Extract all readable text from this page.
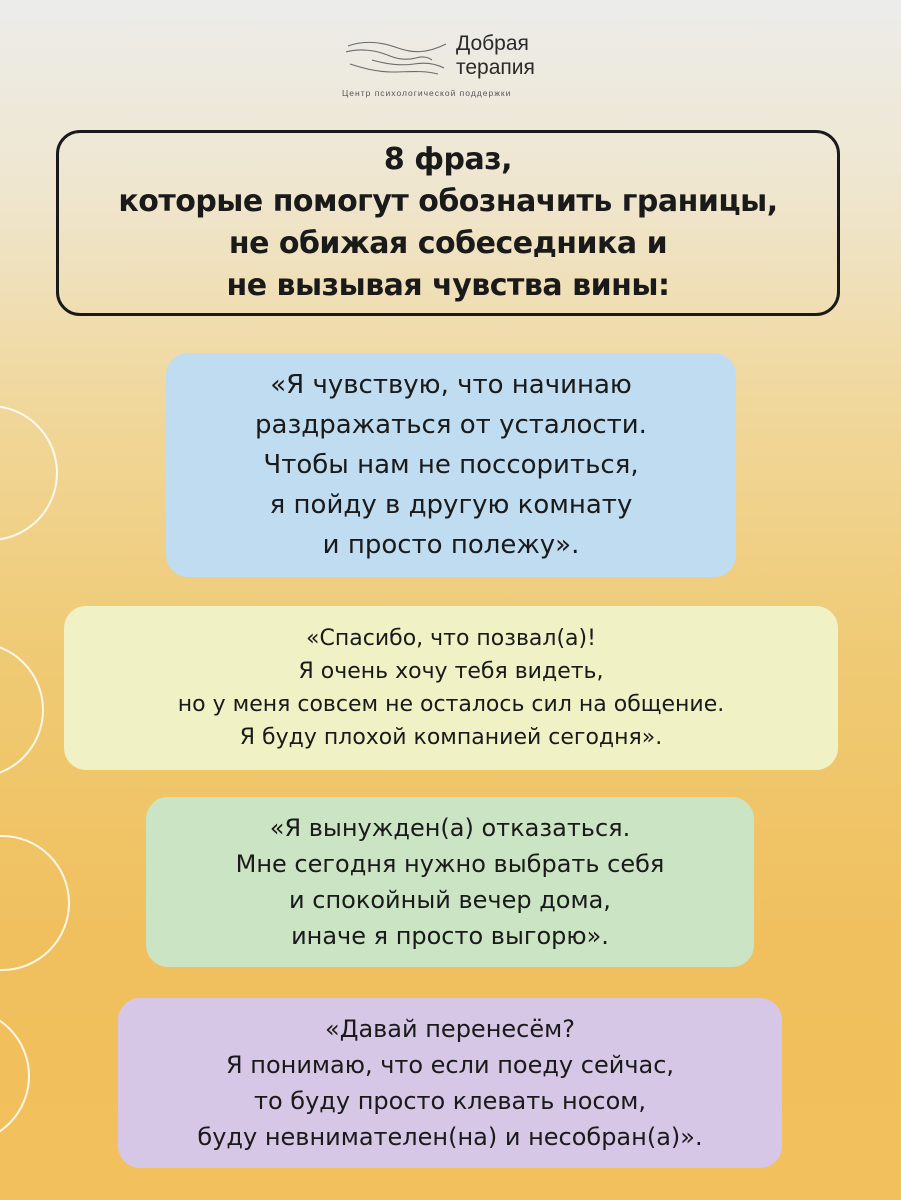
Добрая
терапия
Центр психологической поддержки
8 фраз,
которые помогут обозначить границы,
не обижая собеседника и
не вызывая чувства вины:
«Я чувствую, что начинаю
раздражаться от усталости.
Чтобы нам не поссориться,
я пойду в другую комнату
и просто полежу».
«Спасибо, что позвал(а)!
Я очень хочу тебя видеть,
но у меня совсем не осталось сил на общение.
Я буду плохой компанией сегодня».
«Я вынужден(а) отказаться.
Мне сегодня нужно выбрать себя
и спокойный вечер дома,
иначе я просто выгорю».
«Давай перенесём?
Я понимаю, что если поеду сейчас,
то буду просто клевать носом,
буду невнимателен(на) и несобран(а)».
